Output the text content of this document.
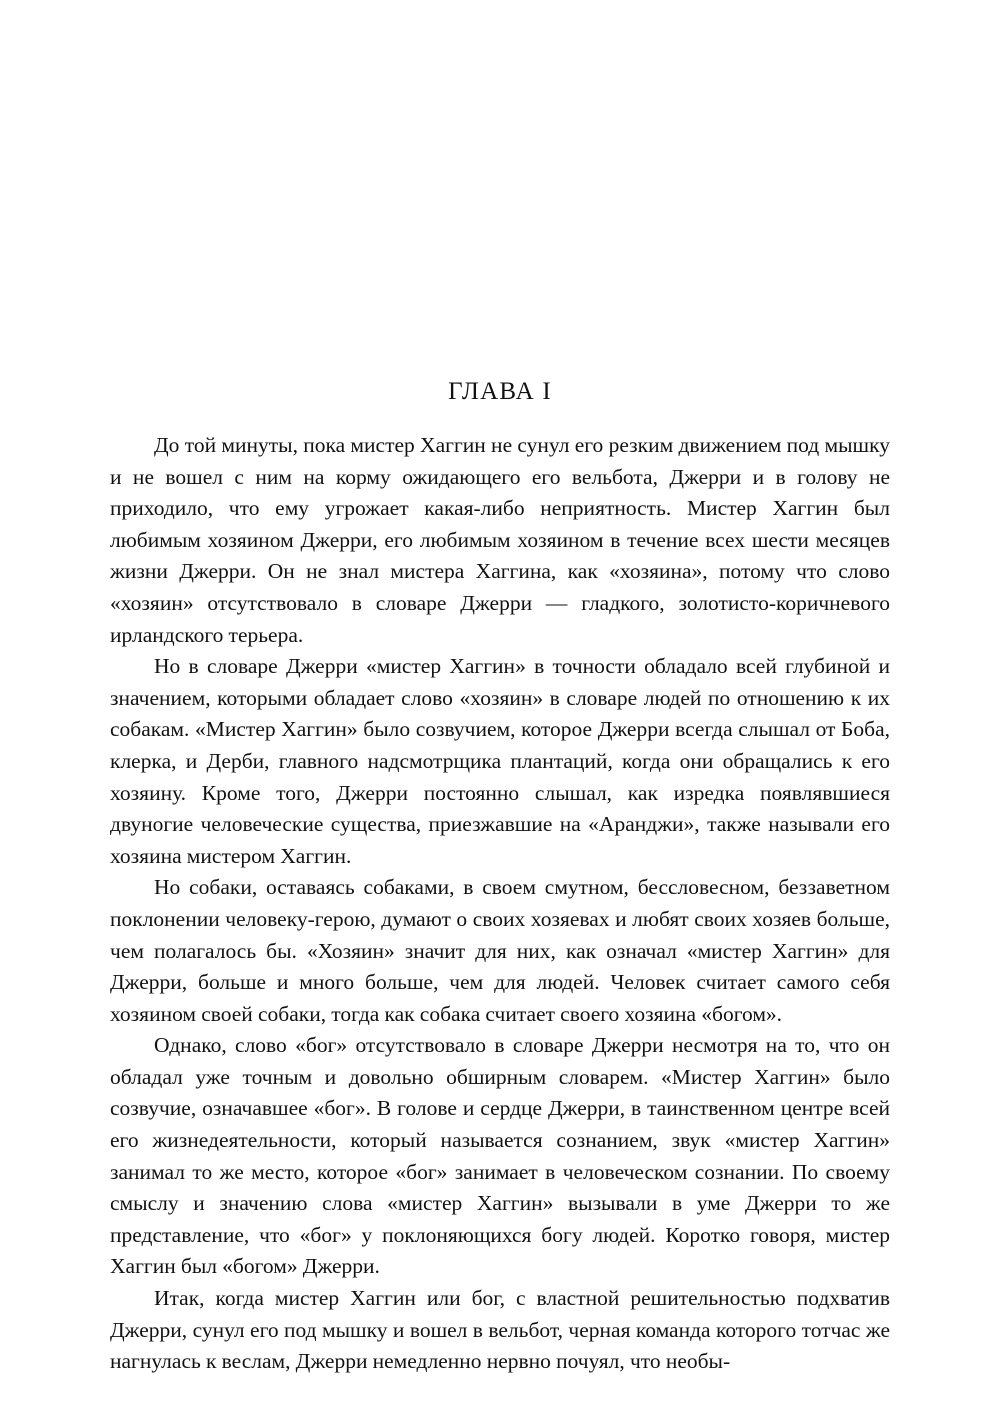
ГЛАВА I

До той минуты, пока мистер Хаггин не сунул его резким движением под мышку и не вошел с ним на корму ожидающего его вельбота, Джерри и в голову не приходило, что ему угрожает какая-либо неприятность. Мистер Хаггин был любимым хозяином Джерри, его любимым хозяином в течение всех шести месяцев жизни Джерри. Он не знал мистера Хаггина, как «хозяина», потому что слово «хозяин» отсутствовало в словаре Джерри — гладкого, золотисто-коричневого ирландского терьера.

Но в словаре Джерри «мистер Хаггин» в точности обладало всей глубиной и значением, которыми обладает слово «хозяин» в словаре людей по отношению к их собакам. «Мистер Хаггин» было созвучием, которое Джерри всегда слышал от Боба, клерка, и Дерби, главного надсмотрщика плантаций, когда они обращались к его хозяину. Кроме того, Джерри постоянно слышал, как изредка появлявшиеся двуногие человеческие существа, приезжавшие на «Аранджи», также называли его хозяина мистером Хаггин.

Но собаки, оставаясь собаками, в своем смутном, бессловесном, беззаветном поклонении человеку-герою, думают о своих хозяевах и любят своих хозяев больше, чем полагалось бы. «Хозяин» значит для них, как означал «мистер Хаггин» для Джерри, больше и много больше, чем для людей. Человек считает самого себя хозяином своей собаки, тогда как собака считает своего хозяина «богом».

Однако, слово «бог» отсутствовало в словаре Джерри несмотря на то, что он обладал уже точным и довольно обширным словарем. «Мистер Хаггин» было созвучие, означавшее «бог». В голове и сердце Джерри, в таинственном центре всей его жизнедеятельности, который называется сознанием, звук «мистер Хаггин» занимал то же место, которое «бог» занимает в человеческом сознании. По своему смыслу и значению слова «мистер Хаггин» вызывали в уме Джерри то же представление, что «бог» у поклоняющихся богу людей. Коротко говоря, мистер Хаггин был «богом» Джерри.

Итак, когда мистер Хаггин или бог, с властной решительностью подхватив Джерри, сунул его под мышку и вошел в вельбот, черная команда которого тотчас же нагнулась к веслам, Джерри немедленно нервно почуял, что необы-
